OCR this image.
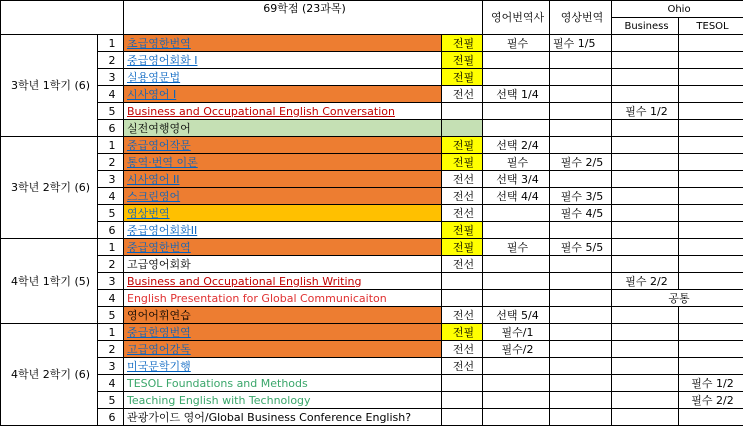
		69학점 (23과목)		영어번역사	영상번역	Ohio	
						Business	TESOL
3학년 1학기 (6)	1	초급영한번역	전필	필수	필수 1/5		
	2	중급영어회화 I	전필				
	3	실용영문법	전필				
	4	시사영어 I	전선	선택 1/4			
	5	Business and Occupational English Conversation				필수 1/2	
	6	실전여행영어					
3학년 2학기 (6)	1	중급영어작문	전필	선택 2/4			
	2	통역·번역 이론	전필	필수	필수 2/5		
	3	시사영어 II	전선	선택 3/4			
	4	스크린영어	전선	선택 4/4	필수 3/5		
	5	영상번역	전선		필수 4/5		
	6	중급영어회화II	전필				
4학년 1학기 (5)	1	중급영한번역	전필	필수	필수 5/5		
	2	고급영어회화	전선				
	3	Business and Occupational English Writing				필수 2/2	
	4	English Presentation for Global Communicaiton				공통	
	5	영어어휘연습	전선	선택 5/4			
4학년 2학기 (6)	1	중급한영번역	전필	필수/1			
	2	고급영어강독	전선	필수/2			
	3	미국문학기행	전선				
	4	TESOL Foundations and Methods					필수 1/2
	5	Teaching English with Technology					필수 2/2
	6	관광가이드 영어/Global Business Conference English?					
